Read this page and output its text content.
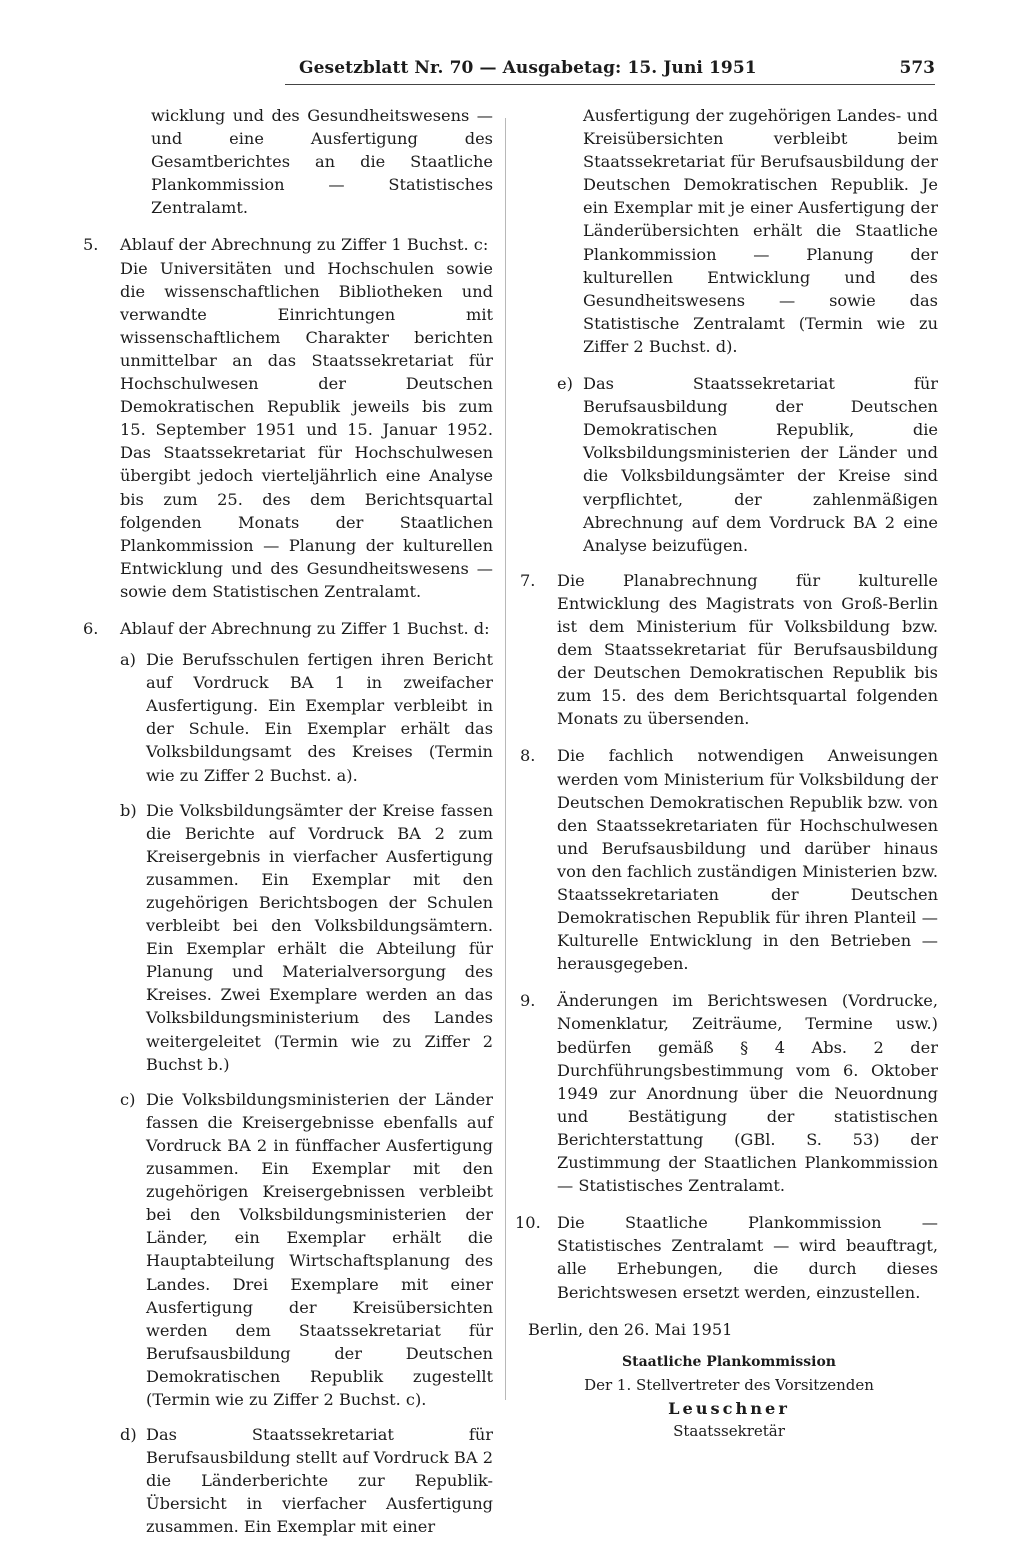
Gesetzblatt Nr. 70 — Ausgabetag: 15. Juni 1951	573

wicklung und des Gesundheitswesens — und eine Ausfertigung des Gesamtberichtes an die Staatliche Plankommission — Statistisches Zentralamt.

5. Ablauf der Abrechnung zu Ziffer 1 Buchst. c:

Die Universitäten und Hochschulen sowie die wissenschaftlichen Bibliotheken und verwandte Einrichtungen mit wissenschaftlichem Charakter berichten unmittelbar an das Staatssekretariat für Hochschulwesen der Deutschen Demokratischen Republik jeweils bis zum 15. September 1951 und 15. Januar 1952. Das Staatssekretariat für Hochschulwesen übergibt jedoch vierteljährlich eine Analyse bis zum 25. des dem Berichtsquartal folgenden Monats der Staatlichen Plankommission — Planung der kulturellen Entwicklung und des Gesundheitswesens — sowie dem Statistischen Zentralamt.

6. Ablauf der Abrechnung zu Ziffer 1 Buchst. d:
a) Die Berufsschulen fertigen ihren Bericht auf Vordruck BA 1 in zweifacher Ausfertigung. Ein Exemplar verbleibt in der Schule. Ein Exemplar erhält das Volksbildungsamt des Kreises (Termin wie zu Ziffer 2 Buchst. a).

b) Die Volksbildungsämter der Kreise fassen die Berichte auf Vordruck BA 2 zum Kreisergebnis in vierfacher Ausfertigung zusammen. Ein Exemplar mit den zugehörigen Berichtsbogen der Schulen verbleibt bei den Volksbildungsämtern. Ein Exemplar erhält die Abteilung für Planung und Materialversorgung des Kreises. Zwei Exemplare werden an das Volksbildungsministerium des Landes weitergeleitet (Termin wie zu Ziffer 2 Buchst b.)

c) Die Volksbildungsministerien der Länder fassen die Kreisergebnisse ebenfalls auf Vordruck BA 2 in fünffacher Ausfertigung zusammen. Ein Exemplar mit den zugehörigen Kreisergebnissen verbleibt bei den Volksbildungsministerien der Länder, ein Exemplar erhält die Hauptabteilung Wirtschaftsplanung des Landes. Drei Exemplare mit einer Ausfertigung der Kreisübersichten werden dem Staatssekretariat für Berufsausbildung der Deutschen Demokratischen Republik zugestellt (Termin wie zu Ziffer 2 Buchst. c).

d) Das Staatssekretariat für Berufsausbildung stellt auf Vordruck BA 2 die Länderberichte zur Republik-Übersicht in vierfacher Ausfertigung zusammen. Ein Exemplar mit einer

Ausfertigung der zugehörigen Landes- und Kreisübersichten verbleibt beim Staatssekretariat für Berufsausbildung der Deutschen Demokratischen Republik. Je ein Exemplar mit je einer Ausfertigung der Länderübersichten erhält die Staatliche Plankommission — Planung der kulturellen Entwicklung und des Gesundheitswesens — sowie das Statistische Zentralamt (Termin wie zu Ziffer 2 Buchst. d).

e) Das Staatssekretariat für Berufsausbildung der Deutschen Demokratischen Republik, die Volksbildungsministerien der Länder und die Volksbildungsämter der Kreise sind verpflichtet, der zahlenmäßigen Abrechnung auf dem Vordruck BA 2 eine Analyse beizufügen.

7. Die Planabrechnung für kulturelle Entwicklung des Magistrats von Groß-Berlin ist dem Ministerium für Volksbildung bzw. dem Staatssekretariat für Berufsausbildung der Deutschen Demokratischen Republik bis zum 15. des dem Berichtsquartal folgenden Monats zu übersenden.

8. Die fachlich notwendigen Anweisungen werden vom Ministerium für Volksbildung der Deutschen Demokratischen Republik bzw. von den Staatssekretariaten für Hochschulwesen und Berufsausbildung und darüber hinaus von den fachlich zuständigen Ministerien bzw. Staatssekretariaten der Deutschen Demokratischen Republik für ihren Planteil — Kulturelle Entwicklung in den Betrieben — herausgegeben.

9. Änderungen im Berichtswesen (Vordrucke, Nomenklatur, Zeiträume, Termine usw.) bedürfen gemäß § 4 Abs. 2 der Durchführungsbestimmung vom 6. Oktober 1949 zur Anordnung über die Neuordnung und Bestätigung der statistischen Berichterstattung (GBl. S. 53) der Zustimmung der Staatlichen Plankommission — Statistisches Zentralamt.

10. Die Staatliche Plankommission — Statistisches Zentralamt — wird beauftragt, alle Erhebungen, die durch dieses Berichtswesen ersetzt werden, einzustellen.

Berlin, den 26. Mai 1951
Staatliche Plankommission
Der 1. Stellvertreter des Vorsitzenden
Leuschner
Staatssekretär
